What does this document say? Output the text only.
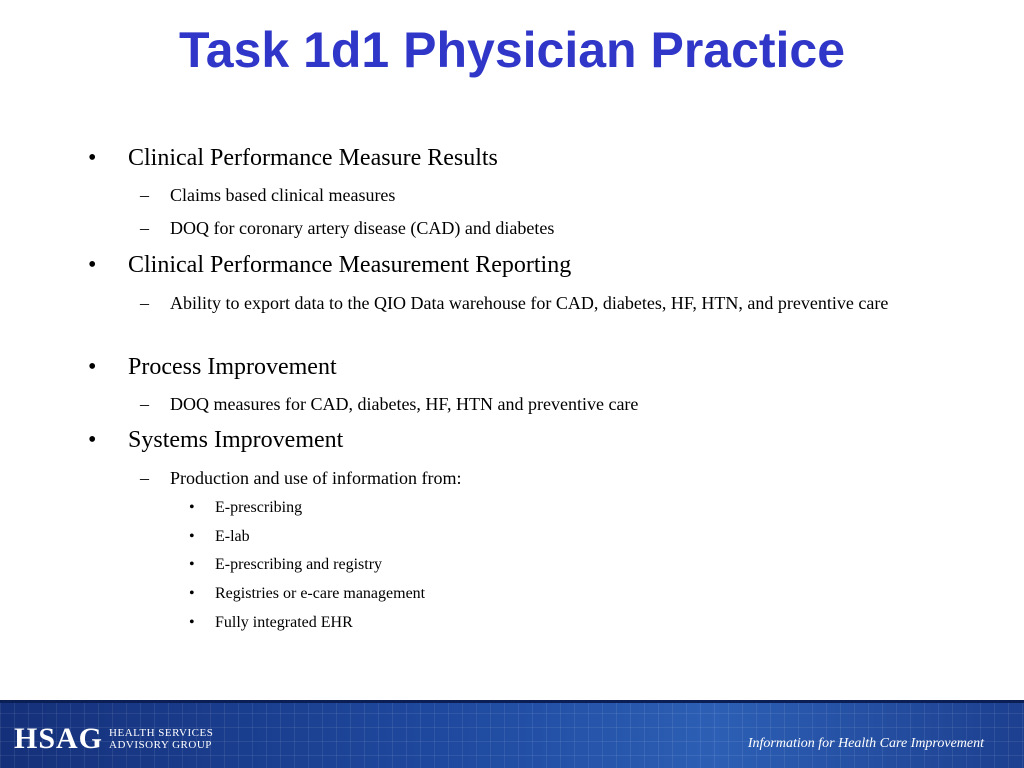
Task 1d1 Physician Practice
•	Clinical Performance Measure Results
–	Claims based clinical measures
–	DOQ for coronary artery disease (CAD) and diabetes
•	Clinical Performance Measurement Reporting
–	Ability to export data to the QIO Data warehouse for CAD, diabetes, HF, HTN, and preventive care
•	Process Improvement
–	DOQ measures for CAD, diabetes, HF, HTN and preventive care
•	Systems Improvement
–	Production and use of information from:
•	E-prescribing
•	E-lab
•	E-prescribing and registry
•	Registries or e-care management
•	Fully integrated EHR
HSAG HEALTH SERVICES
ADVISORY GROUP	Information for Health Care Improvement
